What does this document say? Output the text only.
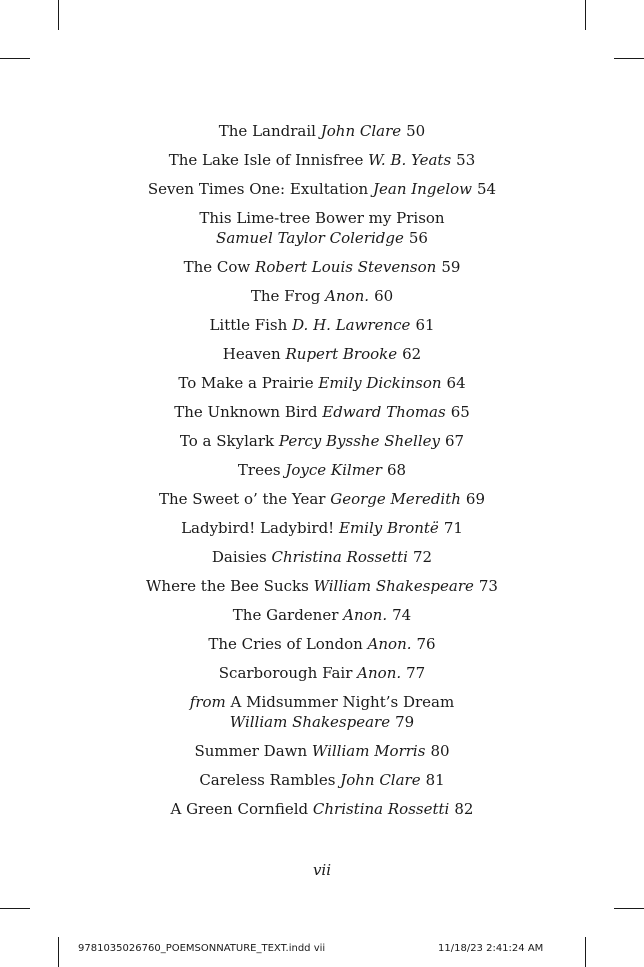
The Landrail John Clare 50
The Lake Isle of Innisfree W. B. Yeats 53
Seven Times One: Exultation Jean Ingelow 54
This Lime-tree Bower my Prison
Samuel Taylor Coleridge 56
The Cow Robert Louis Stevenson 59
The Frog Anon. 60
Little Fish D. H. Lawrence 61
Heaven Rupert Brooke 62
To Make a Prairie Emily Dickinson 64
The Unknown Bird Edward Thomas 65
To a Skylark Percy Bysshe Shelley 67
Trees Joyce Kilmer 68
The Sweet o’ the Year George Meredith 69
Ladybird! Ladybird! Emily Brontë 71
Daisies Christina Rossetti 72
Where the Bee Sucks William Shakespeare 73
The Gardener Anon. 74
The Cries of London Anon. 76
Scarborough Fair Anon. 77
from A Midsummer Night’s Dream
William Shakespeare 79
Summer Dawn William Morris 80
Careless Rambles John Clare 81
A Green Cornfield Christina Rossetti 82
vii
9781035026760_POEMSONNATURE_TEXT.indd vii	11/18/23 2:41:24 AM
